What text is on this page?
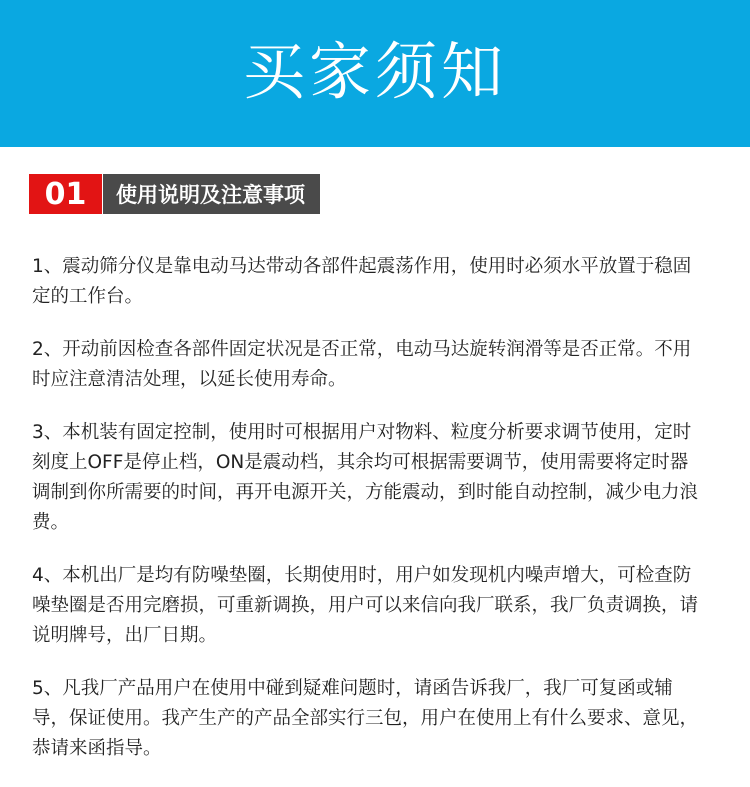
买家须知
01	使用说明及注意事项
1、震动筛分仪是靠电动马达带动各部件起震荡作用，使用时必须水平放置于稳固定的工作台。
2、开动前因检查各部件固定状况是否正常，电动马达旋转润滑等是否正常。不用时应注意清洁处理，以延长使用寿命。
3、本机装有固定控制，使用时可根据用户对物料、粒度分析要求调节使用，定时刻度上OFF是停止档，ON是震动档，其余均可根据需要调节，使用需要将定时器调制到你所需要的时间，再开电源开关，方能震动，到时能自动控制，减少电力浪费。
4、本机出厂是均有防噪垫圈，长期使用时，用户如发现机内噪声增大，可检查防噪垫圈是否用完磨损，可重新调换，用户可以来信向我厂联系，我厂负责调换，请说明牌号，出厂日期。
5、凡我厂产品用户在使用中碰到疑难问题时，请函告诉我厂，我厂可复函或辅导，保证使用。我产生产的产品全部实行三包，用户在使用上有什么要求、意见，恭请来函指导。
